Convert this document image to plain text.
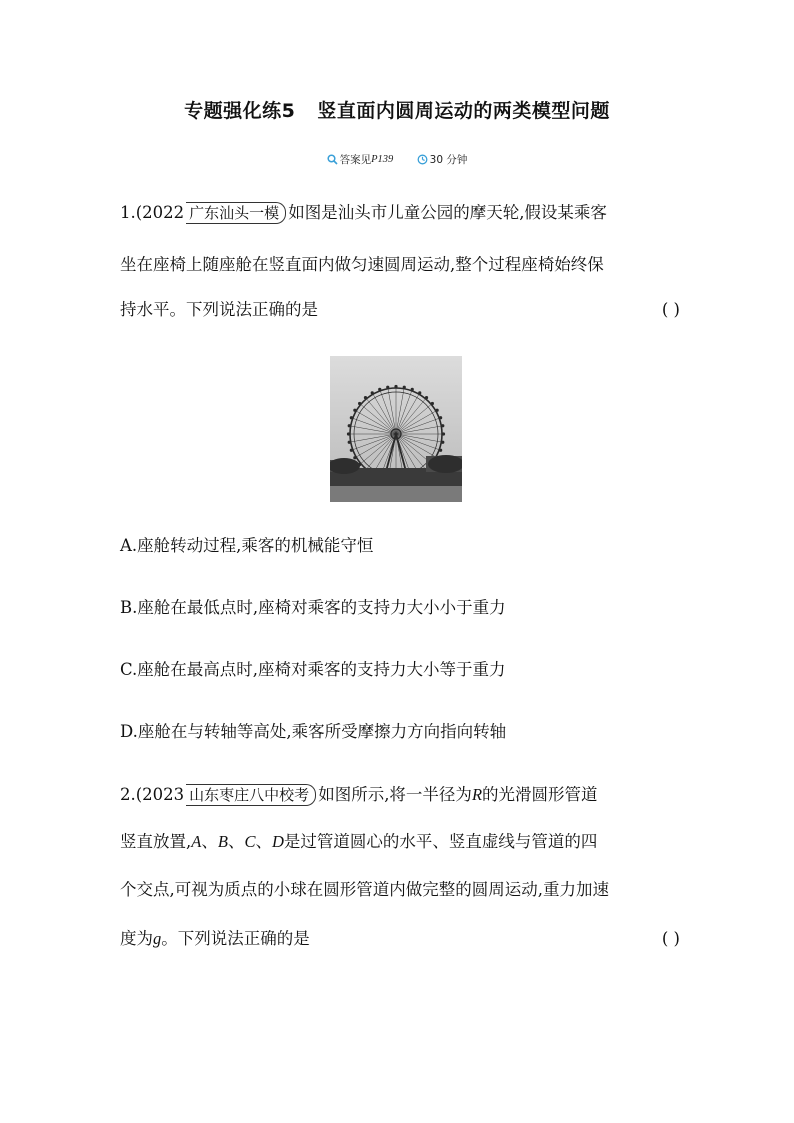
专题强化练5 竖直面内圆周运动的两类模型问题
答案见 P139
	30 分钟
1.(2022 广东汕头一模 如图是汕头市儿童公园的摩天轮,假设某乘客
坐在座椅上随座舱在竖直面内做匀速圆周运动,整个过程座椅始终保
持水平。下列说法正确的是	( )
A.座舱转动过程,乘客的机械能守恒
B.座舱在最低点时,座椅对乘客的支持力大小小于重力
C.座舱在最高点时,座椅对乘客的支持力大小等于重力
D.座舱在与转轴等高处,乘客所受摩擦力方向指向转轴
2.(2023 山东枣庄八中校考 如图所示,将一半径为R的光滑圆形管道
竖直放置,A、B、C、D是过管道圆心的水平、竖直虚线与管道的四
个交点,可视为质点的小球在圆形管道内做完整的圆周运动,重力加速
度为g。下列说法正确的是	( )
